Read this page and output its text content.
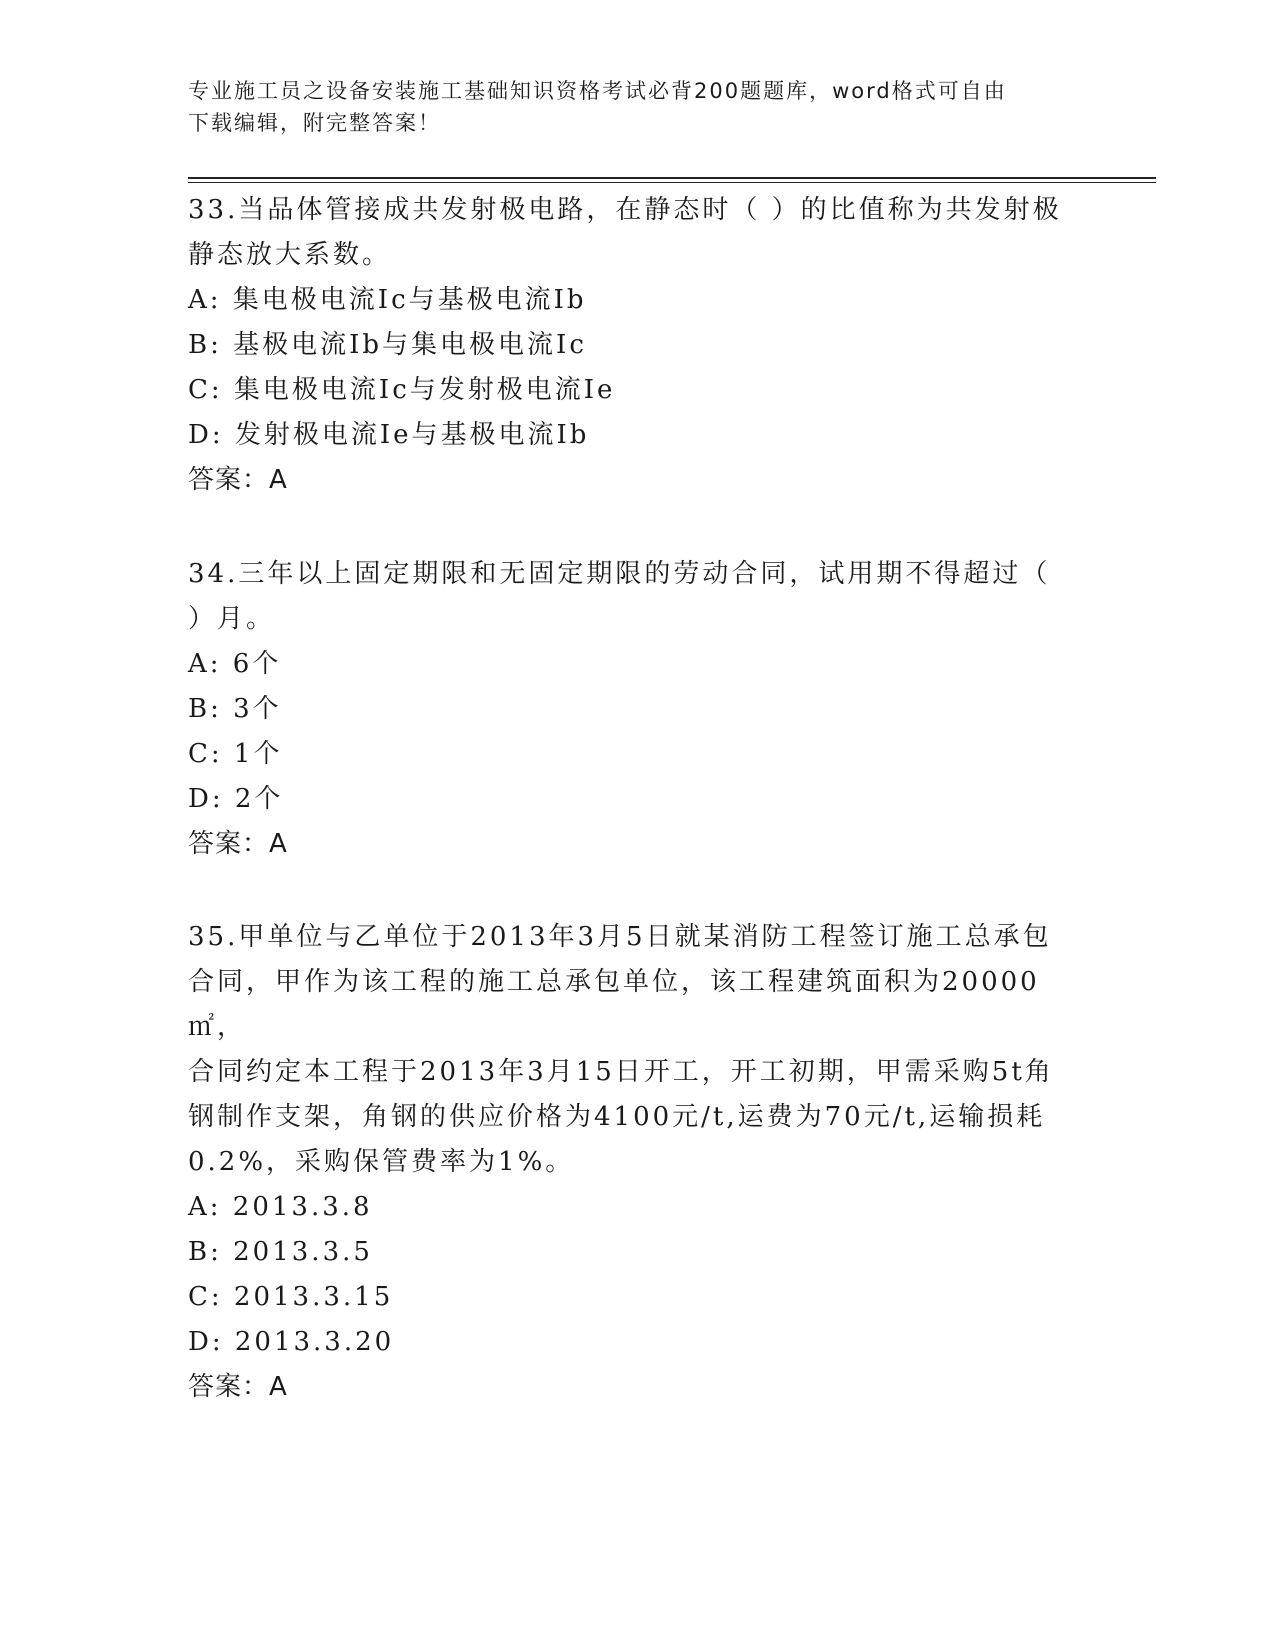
专业施工员之设备安装施工基础知识资格考试必背200题题库，word格式可自由
下载编辑，附完整答案！
33.当品体管接成共发射极电路，在静态时（ ）的比值称为共发射极
静态放大系数。
A: 集电极电流Ic与基极电流Ib
B: 基极电流Ib与集电极电流Ic
C: 集电极电流Ic与发射极电流Ie
D: 发射极电流Ie与基极电流Ib
答案：A
34.三年以上固定期限和无固定期限的劳动合同，试用期不得超过（
）月。
A: 6个
B: 3个
C: 1个
D: 2个
答案：A
35.甲单位与乙单位于2013年3月5日就某消防工程签订施工总承包
合同，甲作为该工程的施工总承包单位，该工程建筑面积为20000㎡，
合同约定本工程于2013年3月15日开工，开工初期，甲需采购5t角
钢制作支架，角钢的供应价格为4100元/t,运费为70元/t,运输损耗
0.2%，采购保管费率为1%。
A: 2013.3.8
B: 2013.3.5
C: 2013.3.15
D: 2013.3.20
答案：A
